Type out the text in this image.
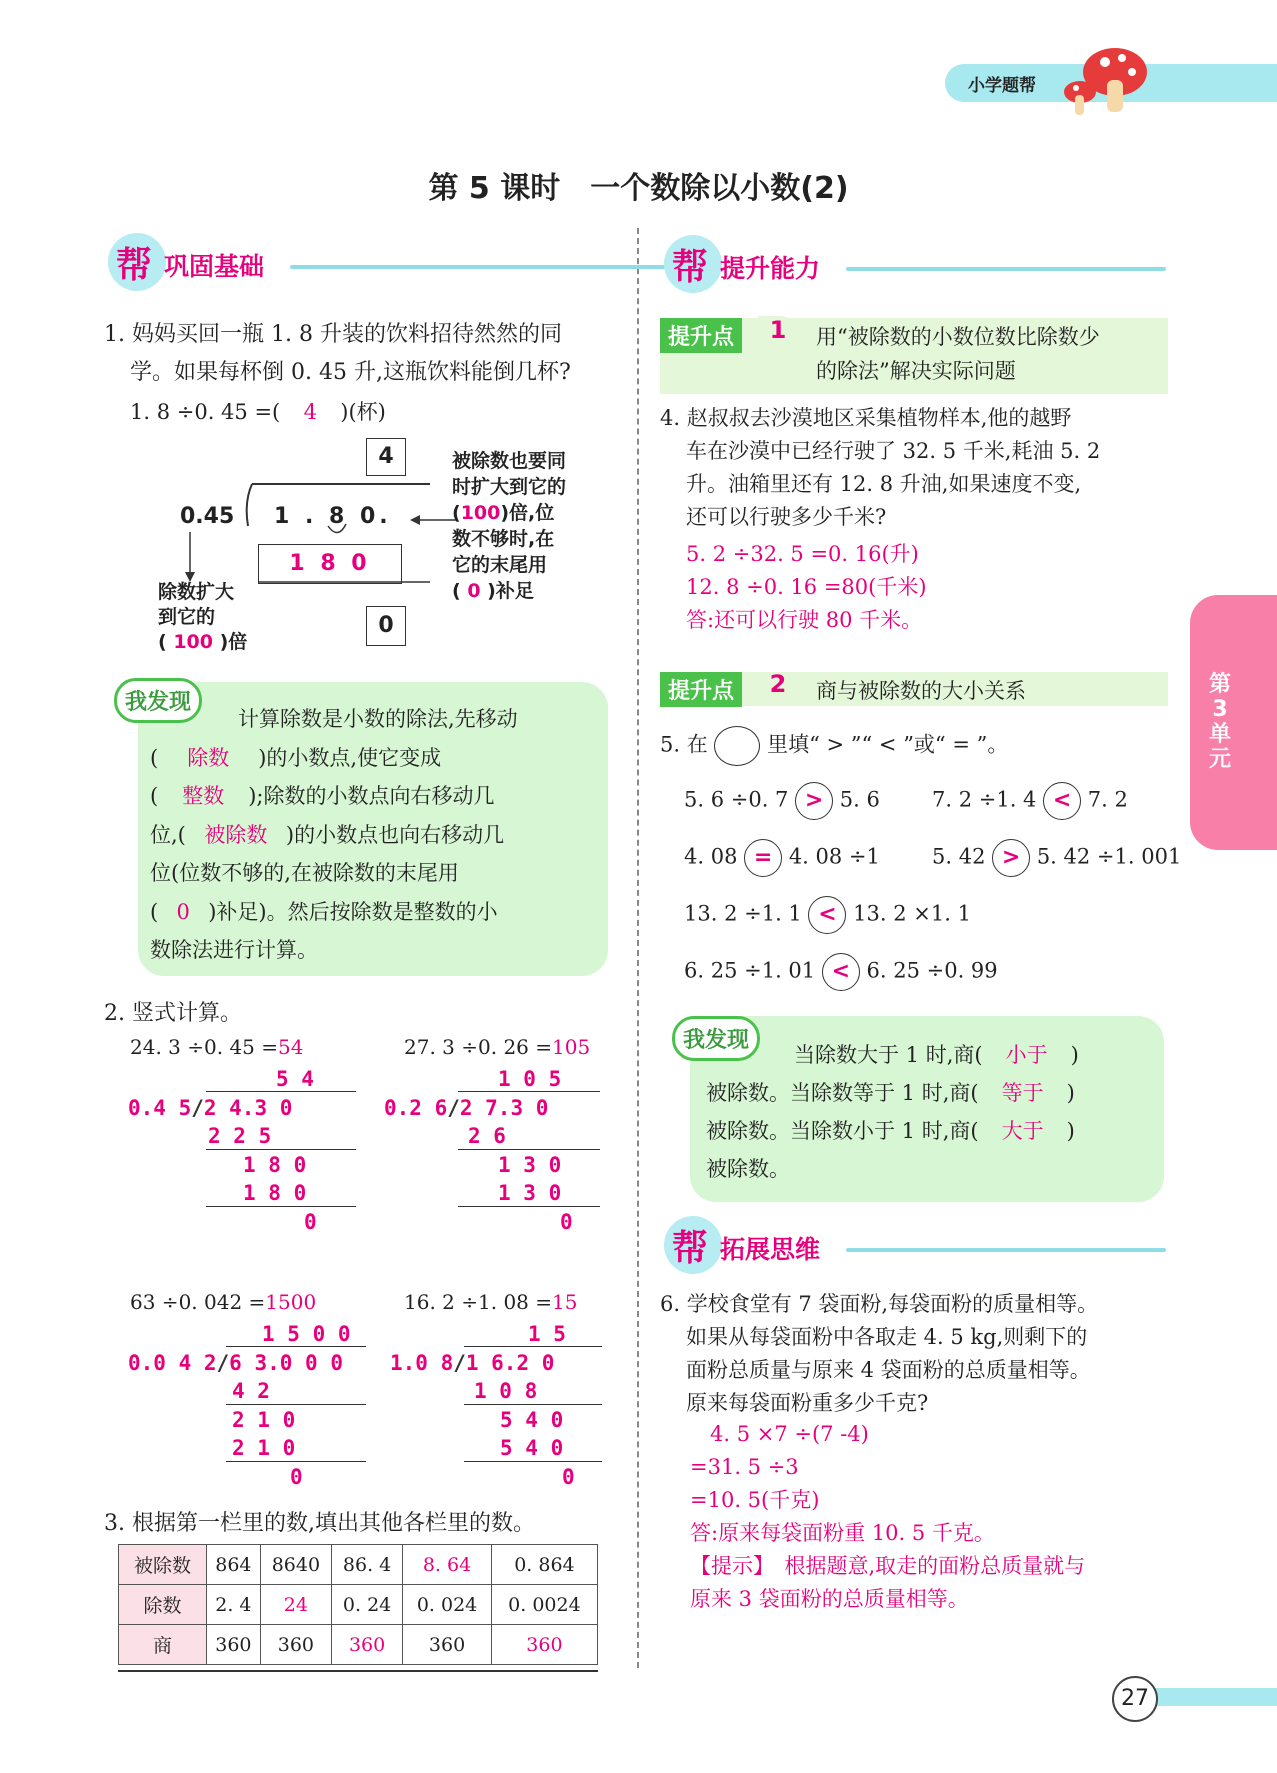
小学题帮
第 5 课时　一个数除以小数(2)
帮 巩固基础
1. 妈妈买回一瓶 1. 8 升装的饮料招待然然的同
学。如果每杯倒 0. 45 升,这瓶饮料能倒几杯?
1. 8 ÷0. 45 =( 4 )(杯)
4
0.45 1 . 8 0.
1 8 0
0
被除数也要同
时扩大到它的
(100)倍,位
数不够时,在
它的末尾用
( 0 )补足
除数扩大
到它的
( 100 )倍
我发现
计算除数是小数的除法,先移动
( 除数 )的小数点,使它变成
( 整数 );除数的小数点向右移动几
位,( 被除数 )的小数点也向右移动几
位(位数不够的,在被除数的末尾用
( 0 )补足)。然后按除数是整数的小
数除法进行计算。
2. 竖式计算。
24. 3 ÷0. 45 =54
5 4
0.4 5/2 4.3 0
2 2 5
1 8 0
1 8 0
0
27. 3 ÷0. 26 =105
1 0 5
0.2 6/2 7.3 0
2 6
1 3 0
1 3 0
0
63 ÷0. 042 =1500
1 5 0 0
0.0 4 2/6 3.0 0 0
4 2
2 1 0
2 1 0
0
16. 2 ÷1. 08 =15
1 5
1.0 8/1 6.2 0
1 0 8
5 4 0
5 4 0
0
3. 根据第一栏里的数,填出其他各栏里的数。
被除数	864	8640	86. 4	8. 64	0. 864
除数	2. 4	24	0. 24	0. 024	0. 0024
商	360	360	360	360	360
帮 提升能力
提升点	1	用“被除数的小数位数比除数少
的除法”解决实际问题
4. 赵叔叔去沙漠地区采集植物样本,他的越野
车在沙漠中已经行驶了 32. 5 千米,耗油 5. 2
升。油箱里还有 12. 8 升油,如果速度不变,
还可以行驶多少千米?
5. 2 ÷32. 5 =0. 16(升)
12. 8 ÷0. 16 =80(千米)
答:还可以行驶 80 千米。
提升点	2	商与被除数的大小关系
5. 在	里填“ > ”“ < ”或“ = ”。
5. 6 ÷0. 7 > 5. 6 7. 2 ÷1. 4 < 7. 2
4. 08 = 4. 08 ÷1 5. 42 > 5. 42 ÷1. 001
13. 2 ÷1. 1 < 13. 2 ×1. 1
6. 25 ÷1. 01 < 6. 25 ÷0. 99
我发现
当除数大于 1 时,商( 小于 )
被除数。当除数等于 1 时,商( 等于 )
被除数。当除数小于 1 时,商( 大于 )
被除数。
帮 拓展思维
6. 学校食堂有 7 袋面粉,每袋面粉的质量相等。
如果从每袋面粉中各取走 4. 5 kg,则剩下的
面粉总质量与原来 4 袋面粉的总质量相等。
原来每袋面粉重多少千克?
4. 5 ×7 ÷(7 -4)
=31. 5 ÷3
=10. 5(千克)
答:原来每袋面粉重 10. 5 千克。
【提示】　根据题意,取走的面粉总质量就与
原来 3 袋面粉的总质量相等。
第
3
单
元
27
